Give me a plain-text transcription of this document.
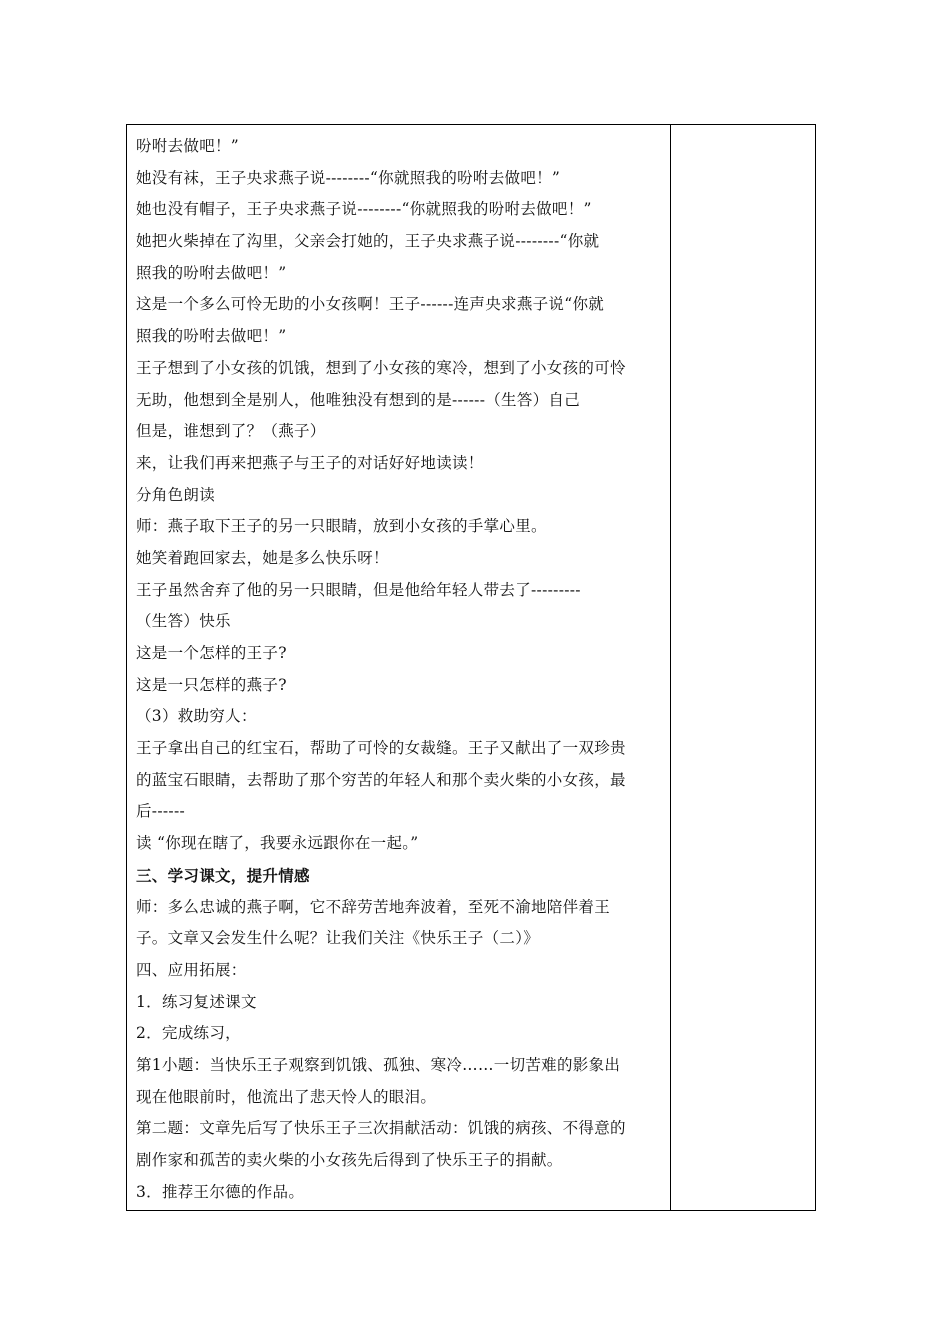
吩咐去做吧！”
她没有袜，王子央求燕子说--------“你就照我的吩咐去做吧！”
她也没有帽子，王子央求燕子说--------“你就照我的吩咐去做吧！”
她把火柴掉在了沟里，父亲会打她的，王子央求燕子说--------“你就
照我的吩咐去做吧！”
这是一个多么可怜无助的小女孩啊！王子------连声央求燕子说“你就
照我的吩咐去做吧！”
王子想到了小女孩的饥饿，想到了小女孩的寒冷，想到了小女孩的可怜
无助，他想到全是别人，他唯独没有想到的是------（生答）自己
但是，谁想到了？（燕子）
来，让我们再来把燕子与王子的对话好好地读读！
分角色朗读
师：燕子取下王子的另一只眼睛，放到小女孩的手掌心里。
她笑着跑回家去，她是多么快乐呀！
王子虽然舍弃了他的另一只眼睛，但是他给年轻人带去了---------
（生答）快乐
这是一个怎样的王子?
这是一只怎样的燕子?
（3）救助穷人：
王子拿出自己的红宝石，帮助了可怜的女裁缝。王子又献出了一双珍贵
的蓝宝石眼睛，去帮助了那个穷苦的年轻人和那个卖火柴的小女孩，最
后------
读 “你现在瞎了，我要永远跟你在一起。”
三、学习课文，提升情感
师：多么忠诚的燕子啊，它不辞劳苦地奔波着，至死不渝地陪伴着王
子。文章又会发生什么呢？让我们关注《快乐王子（二）》
四、应用拓展：
1．练习复述课文
2．完成练习，
第1小题：当快乐王子观察到饥饿、孤独、寒冷……一切苦难的影象出
现在他眼前时，他流出了悲天怜人的眼泪。
第二题：文章先后写了快乐王子三次捐献活动：饥饿的病孩、不得意的
剧作家和孤苦的卖火柴的小女孩先后得到了快乐王子的捐献。
3．推荐王尔德的作品。
